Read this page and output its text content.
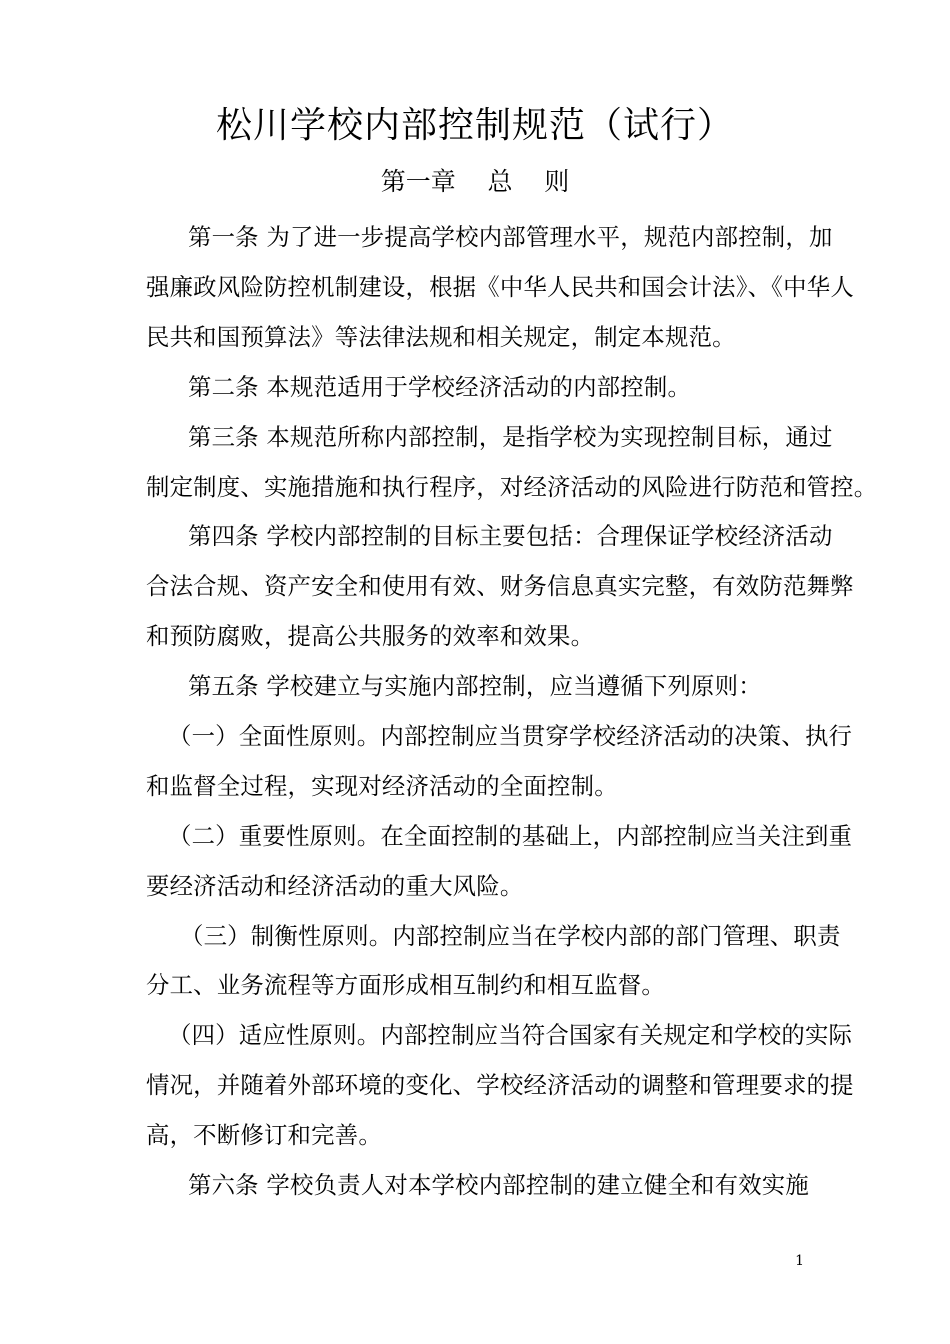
松川学校内部控制规范（试行）
第一章    总    则
第一条 为了进一步提高学校内部管理水平，规范内部控制，加
强廉政风险防控机制建设，根据《中华人民共和国会计法》、《中华人
民共和国预算法》等法律法规和相关规定，制定本规范。
第二条 本规范适用于学校经济活动的内部控制。
第三条 本规范所称内部控制，是指学校为实现控制目标，通过
制定制度、实施措施和执行程序，对经济活动的风险进行防范和管控。
第四条 学校内部控制的目标主要包括：合理保证学校经济活动
合法合规、资产安全和使用有效、财务信息真实完整，有效防范舞弊
和预防腐败，提高公共服务的效率和效果。
第五条 学校建立与实施内部控制，应当遵循下列原则：
（一）全面性原则。内部控制应当贯穿学校经济活动的决策、执行
和监督全过程，实现对经济活动的全面控制。
（二）重要性原则。在全面控制的基础上，内部控制应当关注到重
要经济活动和经济活动的重大风险。
（三）制衡性原则。内部控制应当在学校内部的部门管理、职责
分工、业务流程等方面形成相互制约和相互监督。
（四）适应性原则。内部控制应当符合国家有关规定和学校的实际
情况，并随着外部环境的变化、学校经济活动的调整和管理要求的提
高，不断修订和完善。
第六条 学校负责人对本学校内部控制的建立健全和有效实施
1
